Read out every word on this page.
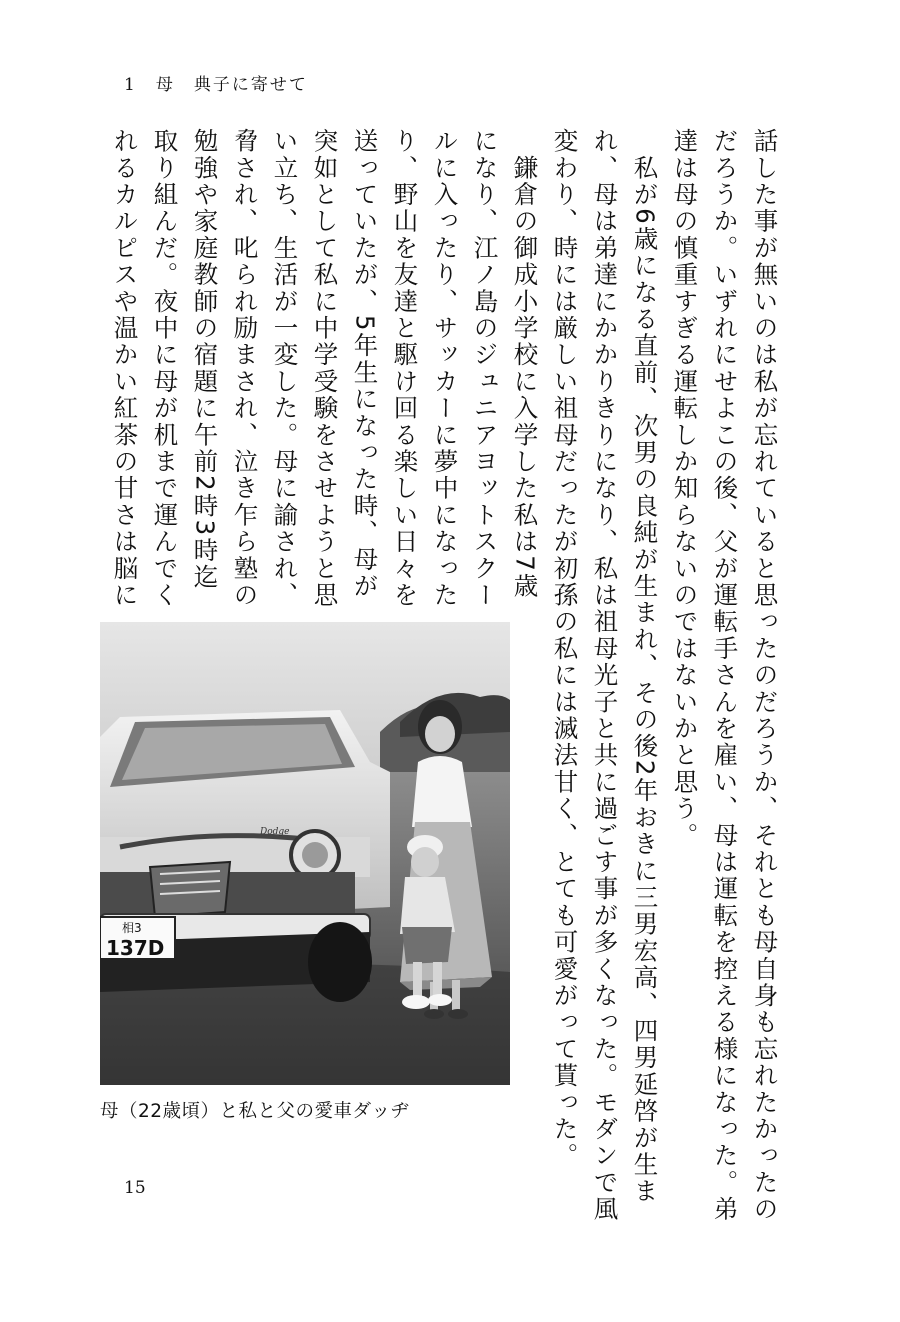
1　母　典子に寄せて
話した事が無いのは私が忘れていると思ったのだろうか、それとも母自身も忘れたかったの
だろうか。いずれにせよこの後、父が運転手さんを雇い、母は運転を控える様になった。弟
達は母の慎重すぎる運転しか知らないのではないかと思う。
　私が6歳になる直前、次男の良純が生まれ、その後2年おきに三男宏高、四男延啓が生ま
れ、母は弟達にかかりきりになり、私は祖母光子と共に過ごす事が多くなった。モダンで風
変わり、時には厳しい祖母だったが初孫の私には滅法甘く、とても可愛がって貰った。
　鎌倉の御成小学校に入学した私は7歳
になり、江ノ島のジュニアヨットスクー
ルに入ったり、サッカーに夢中になった
り、野山を友達と駆け回る楽しい日々を
送っていたが、5年生になった時、母が
突如として私に中学受験をさせようと思
い立ち、生活が一変した。母に諭され、
脅され、叱られ励まされ、泣き乍ら塾の
勉強や家庭教師の宿題に午前2時3時迄
取り組んだ。夜中に母が机まで運んでく
れるカルピスや温かい紅茶の甘さは脳に
Dodge
相3
137D
母（22歳頃）と私と父の愛車ダッヂ
15
